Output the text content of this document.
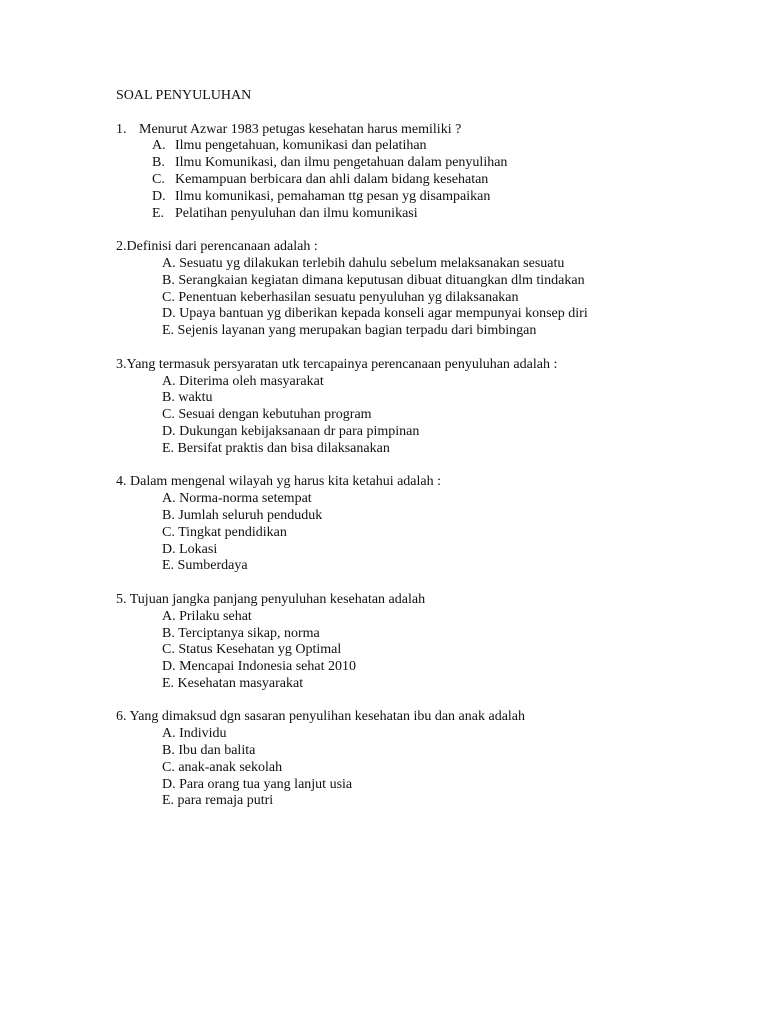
SOAL PENYULUHAN
1. Menurut Azwar 1983 petugas kesehatan harus memiliki ?
A. Ilmu pengetahuan, komunikasi dan pelatihan
B. Ilmu Komunikasi, dan ilmu pengetahuan dalam penyulihan
C. Kemampuan berbicara dan ahli dalam bidang kesehatan
D. Ilmu komunikasi, pemahaman ttg pesan yg disampaikan
E. Pelatihan penyuluhan dan ilmu komunikasi
2.Definisi dari perencanaan adalah :
A. Sesuatu yg dilakukan terlebih dahulu sebelum melaksanakan sesuatu
B. Serangkaian kegiatan dimana keputusan dibuat dituangkan dlm tindakan
C. Penentuan keberhasilan sesuatu penyuluhan yg dilaksanakan
D. Upaya bantuan yg diberikan kepada konseli agar mempunyai konsep diri
E. Sejenis layanan yang merupakan bagian terpadu dari bimbingan
3.Yang termasuk persyaratan utk tercapainya perencanaan penyuluhan adalah :
A. Diterima oleh masyarakat
B. waktu
C. Sesuai dengan kebutuhan program
D. Dukungan kebijaksanaan dr para pimpinan
E. Bersifat praktis dan bisa dilaksanakan
4. Dalam mengenal wilayah yg harus kita ketahui adalah :
A. Norma-norma setempat
B. Jumlah seluruh penduduk
C. Tingkat pendidikan
D. Lokasi
E. Sumberdaya
5. Tujuan jangka panjang penyuluhan kesehatan adalah
A. Prilaku sehat
B. Terciptanya sikap, norma
C. Status Kesehatan yg Optimal
D. Mencapai Indonesia sehat 2010
E. Kesehatan masyarakat
6. Yang dimaksud dgn sasaran penyulihan kesehatan ibu dan anak adalah
A. Individu
B. Ibu dan balita
C. anak-anak sekolah
D. Para orang tua yang lanjut usia
E. para remaja putri
